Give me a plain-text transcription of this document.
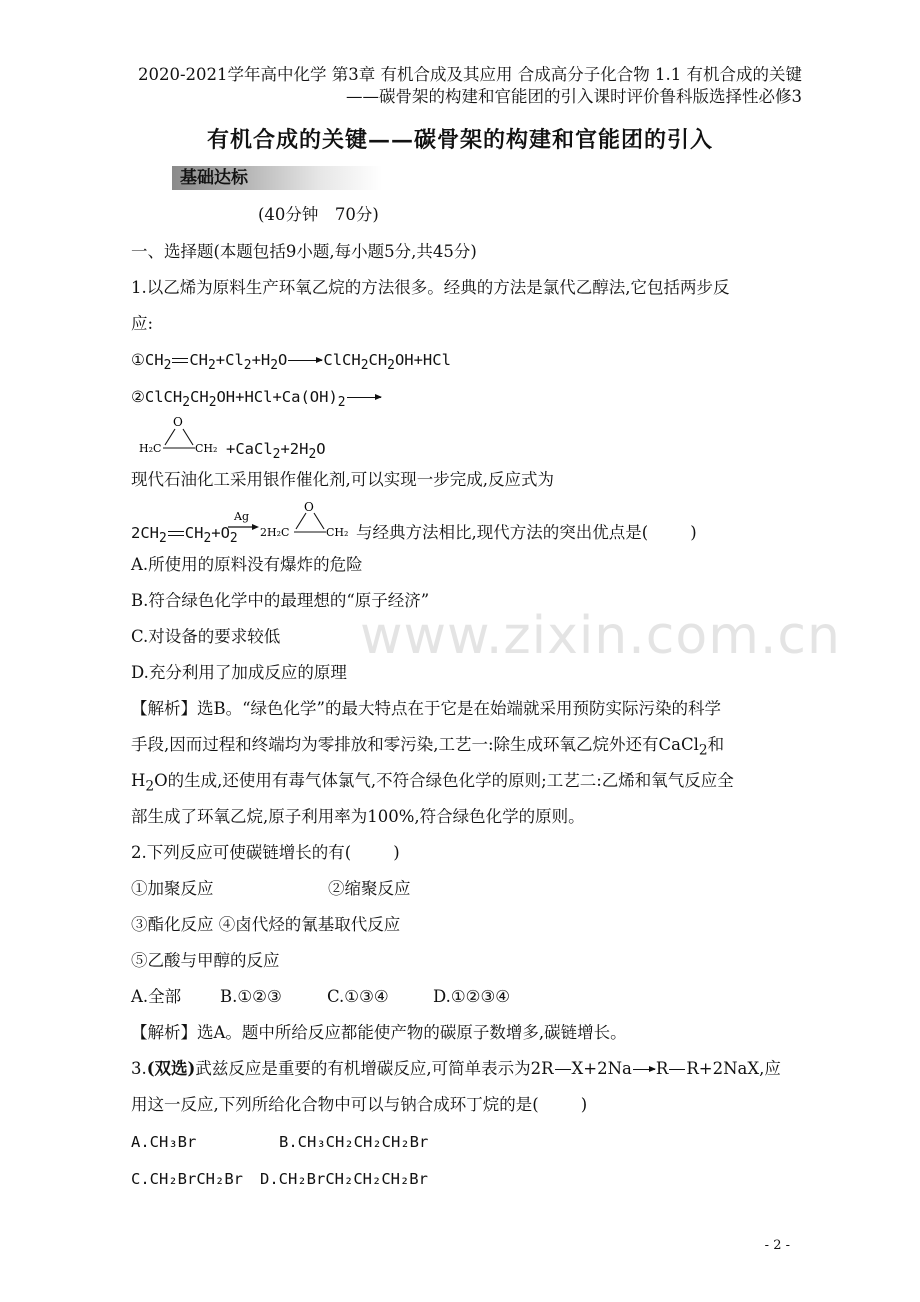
2020-2021学年高中化学 第3章 有机合成及其应用 合成高分子化合物 1.1 有机合成的关键
——碳骨架的构建和官能团的引入课时评价鲁科版选择性必修3
有机合成的关键——碳骨架的构建和官能团的引入
基础达标
(40分钟　70分)
一、选择题(本题包括9小题,每小题5分,共45分)
1.以乙烯为原料生产环氧乙烷的方法很多。经典的方法是氯代乙醇法,它包括两步反
应:
$①CH_2$ $CH_2+Cl_2+H_2O\to ClCH_2CH_2OH+HCl$
$②ClCH_2CH_2OH+HCl+Ca(OH)_2\to$
O
H₂C	$CH_2 +CaCl_2+2H_2O$
现代石油化工采用银作催化剂,可以实现一步完成,反应式为
$2CH_2$ $CH_2+O_2$
Ag
O
2H₂C	CH₂ 与经典方法相比,现代方法的突出优点是(	)
A.所使用的原料没有爆炸的危险
B.符合绿色化学中的最理想的“原子经济”
C.对设备的要求较低
D.充分利用了加成反应的原理
【解析】选B。“绿色化学”的最大特点在于它是在始端就采用预防实际污染的科学
手段,因而过程和终端均为零排放和零污染,工艺一:除生成环氧乙烷外还有CaCl$_2$和
$H_2O$的生成,还使用有毒气体氯气,不符合绿色化学的原则;工艺二:乙烯和氧气反应全
部生成了环氧乙烷,原子利用率为100%,符合绿色化学的原则。
2.下列反应可使碳链增长的有(	)
①加聚反应	②缩聚反应
③酯化反应 ④卤代烃的氰基取代反应
⑤乙酸与甲醇的反应
A.全部 B.①②③	C.①③④	D.①②③④
【解析】选A。题中所给反应都能使产物的碳原子数增多,碳链增长。
3.(双选)武兹反应是重要的有机增碳反应,可简单表示为2R X+2Na→R R+2NaX,应
用这一反应,下列所给化合物中可以与钠合成环丁烷的是(	)
A.CH₃Br	B.CH₃CH₂CH₂CH₂Br
C.CH₂BrCH₂Br D.CH₂BrCH₂CH₂CH₂Br
www.zixin.com.cn
- 2 -
